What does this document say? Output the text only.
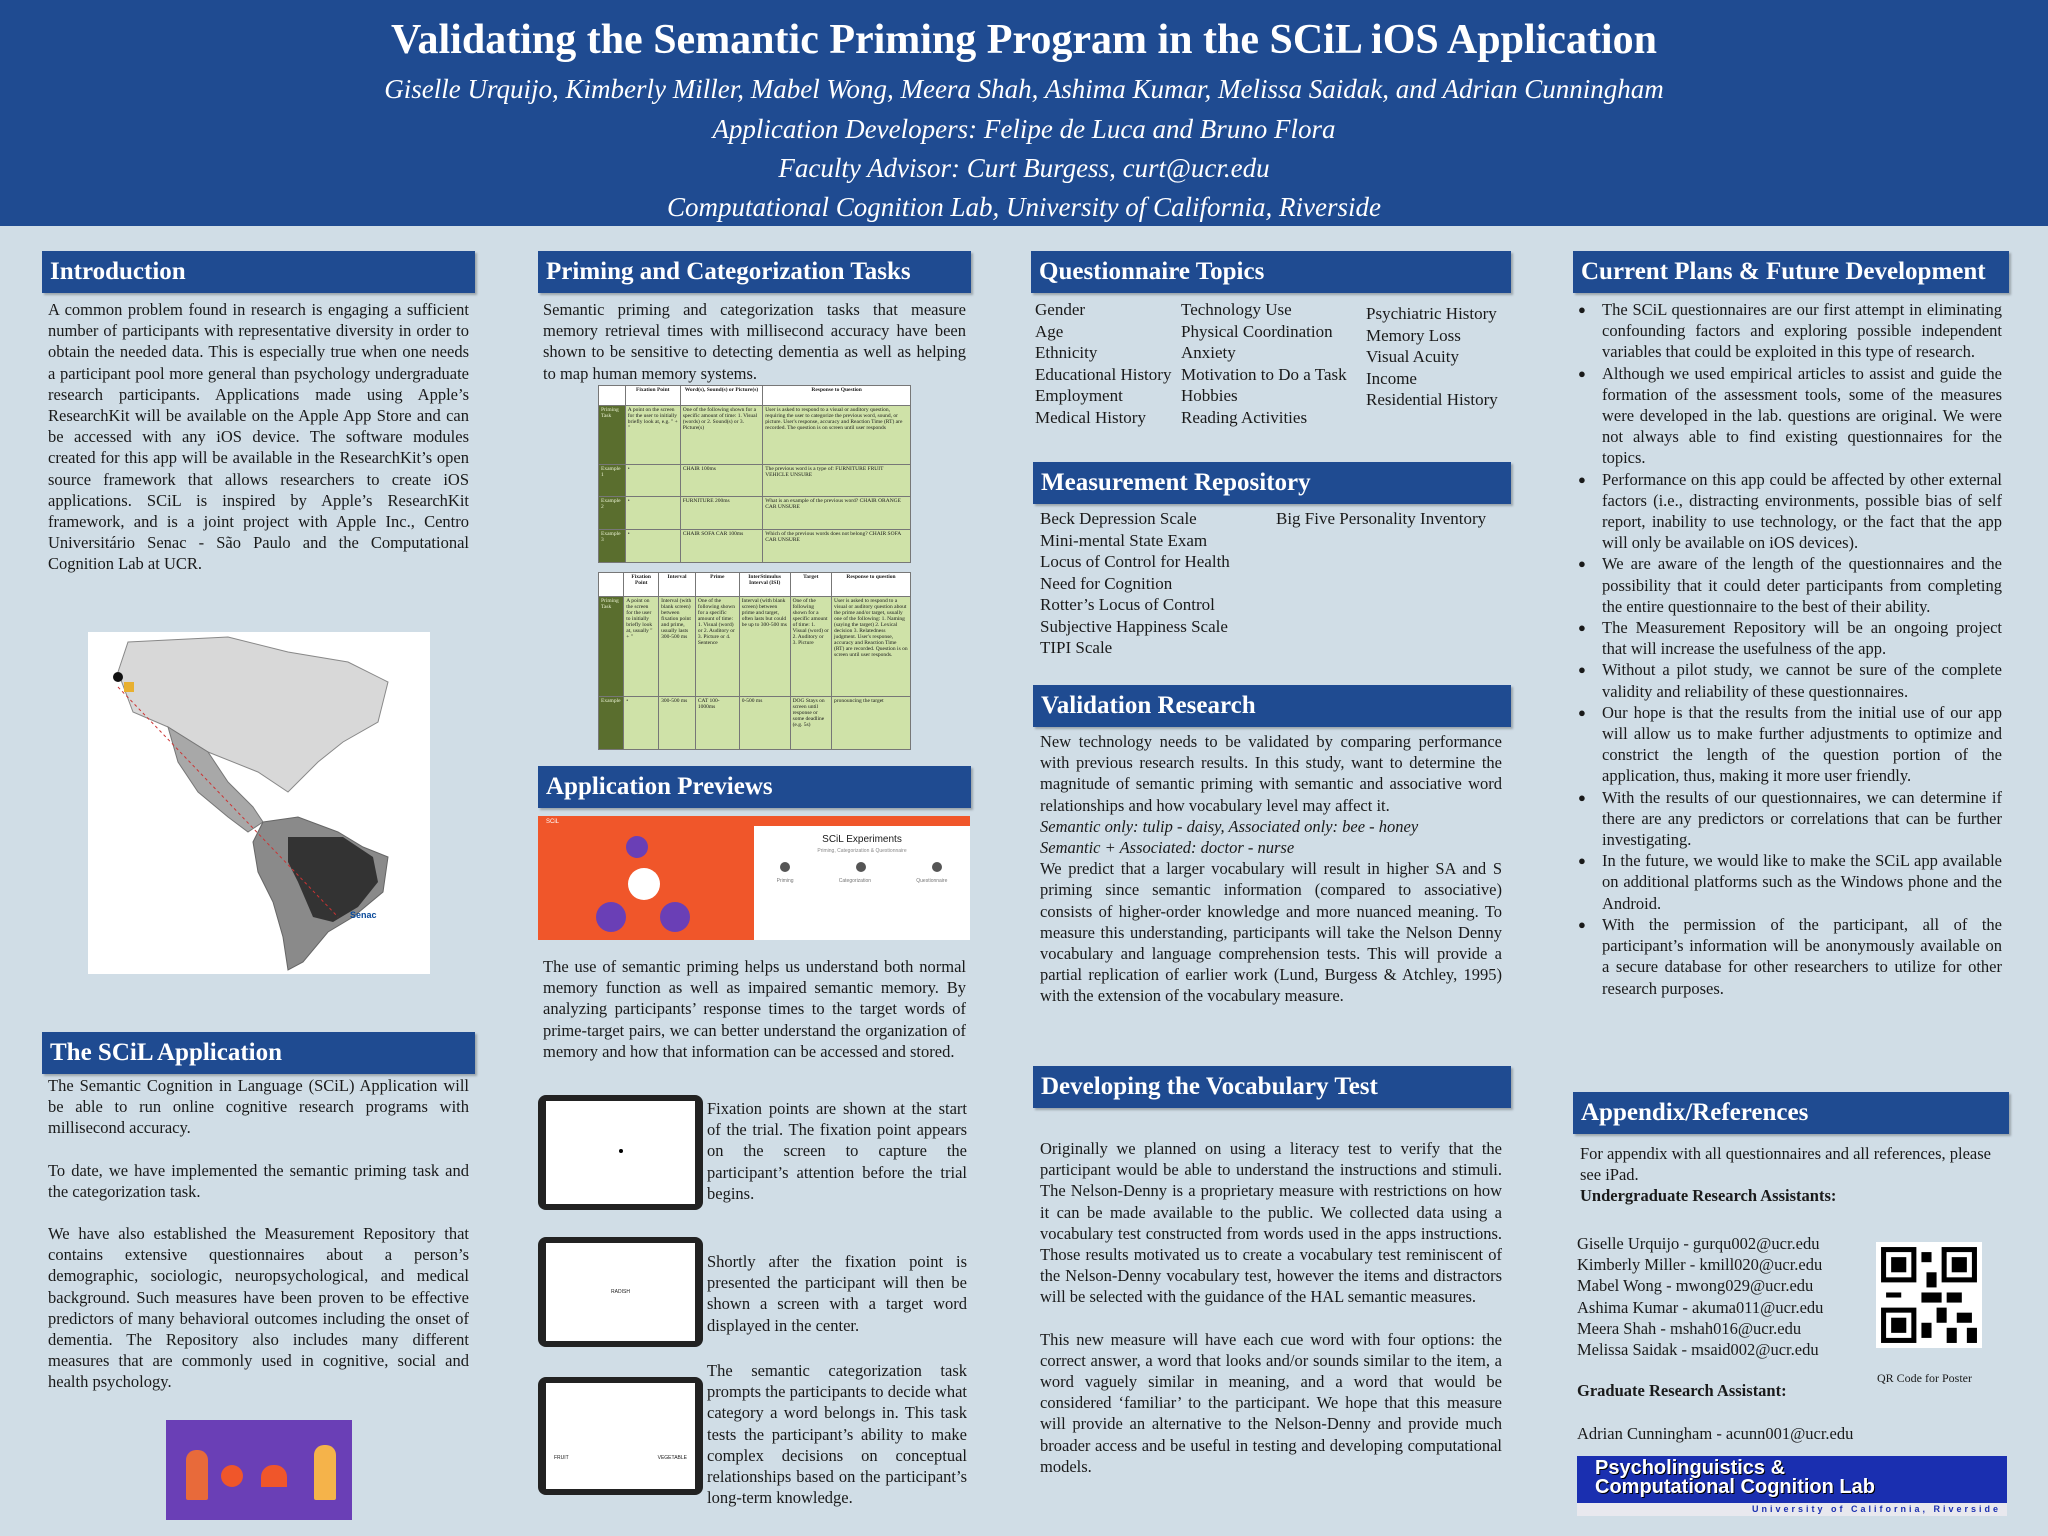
Validating the Semantic Priming Program in the SCiL iOS Application
Giselle Urquijo, Kimberly Miller, Mabel Wong, Meera Shah, Ashima Kumar, Melissa Saidak, and Adrian Cunningham
Application Developers: Felipe de Luca and Bruno Flora
Faculty Advisor: Curt Burgess, curt@ucr.edu
Computational Cognition Lab, University of California, Riverside
Introduction
A common problem found in research is engaging a sufficient number of participants with representative diversity in order to obtain the needed data. This is especially true when one needs a participant pool more general than psychology undergraduate research participants. Applications made using Apple’s ResearchKit will be available on the Apple App Store and can be accessed with any iOS device. The software modules created for this app will be available in the ResearchKit’s open source framework that allows researchers to create iOS applications. SCiL is inspired by Apple’s ResearchKit framework, and is a joint project with Apple Inc., Centro Universitário Senac - São Paulo and the Computational Cognition Lab at UCR.
Senac
The SCiL Application

The Semantic Cognition in Language (SCiL) Application will be able to run online cognitive research programs with millisecond accuracy.

To date, we have implemented the semantic priming task and the categorization task.

We have also established the Measurement Repository that contains extensive questionnaires about a person’s demographic, sociologic, neuropsychological, and medical background. Such measures have been proven to be effective predictors of many behavioral outcomes including the onset of dementia. The Repository also includes many different measures that are commonly used in cognitive, social and health psychology.

Priming and Categorization Tasks
Semantic priming and categorization tasks that measure memory retrieval times with millisecond accuracy have been shown to be sensitive to detecting dementia as well as helping to map human memory systems.
	Fixation Point	Word(s), Sound(s) or Picture(s)	Response to Question
Priming Task	A point on the screen for the user to initially briefly look at, e.g. " + "	One of the following shown for a specific amount of time: 1. Visual (words) or 2. Sound(s) or 3. Picture(s)	User is asked to respond to a visual or auditory question, requiring the user to categorize the previous word, sound, or picture. User's response, accuracy and Reaction Time (RT) are recorded. The question is on screen until user responds
Example 1	•	CHAIR 100ms	The previous word is a type of: FURNITURE FRUIT VEHICLE UNSURE
Example 2	•	FURNITURE 200ms	What is an example of the previous word? CHAIR ORANGE CAR UNSURE
Example 3	•	CHAIR SOFA CAR 100ms	Which of the previous words does not belong? CHAIR SOFA CAR UNSURE
	Fixation Point	Interval	Prime	InterStimulus Interval (ISI)	Target	Response to question
Priming Task	A point on the screen for the user to initially briefly look at, usually " + "	Interval (with blank screen) between fixation point and prime, usually lasts 300-500 ms	One of the following shown for a specific amount of time: 1. Visual (word) or 2. Auditory or 3. Picture or 4. Sentence	Interval (with blank screen) between prime and target, often lasts but could be up to 300-500 ms	One of the following shown for a specific amount of time: 1. Visual (word) or 2. Auditory or 3. Picture	User is asked to respond to a visual or auditory question about the prime and/or target, usually one of the following: 1. Naming (saying the target) 2. Lexical decision 3. Relatedness judgment. User's response, accuracy and Reaction Time (RT) are recorded. Question is on screen until user responds.
Example	•	300-500 ms	CAT 100-1000ms	0-500 ms	DOG Stays on screen until response or some deadline (e.g. 5s)	pronouncing the target
Application Previews
SCiL
SCiL Experiments
Priming, Categorization & Questionnaire
Priming	Categorization	Questionnaire
The use of semantic priming helps us understand both normal memory function as well as impaired semantic memory. By analyzing participants’ response times to the target words of prime-target pairs, we can better understand the organization of memory and how that information can be accessed and stored.
Fixation points are shown at the start of the trial. The fixation point appears on the screen to capture the participant’s attention before the trial begins.
RADISH
Shortly after the fixation point is presented the participant will then be shown a screen with a target word displayed in the center.
FRUIT	VEGETABLE
The semantic categorization task prompts the participants to decide what category a word belongs in. This task tests the participant’s ability to make complex decisions on conceptual relationships based on the participant’s long-term knowledge.
Questionnaire Topics
Gender
Age
Ethnicity
Educational History
Employment
Medical History
Technology Use
Physical Coordination
Anxiety
Motivation to Do a Task
Hobbies
Reading Activities
Psychiatric History
Memory Loss
Visual Acuity
Income
Residential History
Measurement Repository
Beck Depression Scale
Mini-mental State Exam
Locus of Control for Health
Need for Cognition
Rotter’s Locus of Control
Subjective Happiness Scale
TIPI Scale
Big Five Personality Inventory
Validation Research
New technology needs to be validated by comparing performance with previous research results. In this study, want to determine the magnitude of semantic priming with semantic and associative word relationships and how vocabulary level may affect it.
Semantic only: tulip - daisy, Associated only: bee - honey
Semantic + Associated: doctor - nurse
We predict that a larger vocabulary will result in higher SA and S priming since semantic information (compared to associative) consists of higher-order knowledge and more nuanced meaning. To measure this understanding, participants will take the Nelson Denny vocabulary and language comprehension tests. This will provide a partial replication of earlier work (Lund, Burgess & Atchley, 1995) with the extension of the vocabulary measure.
Developing the Vocabulary Test

Originally we planned on using a literacy test to verify that the participant would be able to understand the instructions and stimuli. The Nelson-Denny is a proprietary measure with restrictions on how it can be made available to the public. We collected data using a vocabulary test constructed from words used in the apps instructions. Those results motivated us to create a vocabulary test reminiscent of the Nelson-Denny vocabulary test, however the items and distractors will be selected with the guidance of the HAL semantic measures.

This new measure will have each cue word with four options: the correct answer, a word that looks and/or sounds similar to the item, a word vaguely similar in meaning, and a word that would be considered ‘familiar’ to the participant. We hope that this measure will provide an alternative to the Nelson-Denny and provide much broader access and be useful in testing and developing computational models.

Current Plans & Future Development
● The SCiL questionnaires are our first attempt in eliminating confounding factors and exploring possible independent variables that could be exploited in this type of research.
● Although we used empirical articles to assist and guide the formation of the assessment tools, some of the measures were developed in the lab. questions are original. We were not always able to find existing questionnaires for the topics.
● Performance on this app could be affected by other external factors (i.e., distracting environments, possible bias of self report, inability to use technology, or the fact that the app will only be available on iOS devices).
● We are aware of the length of the questionnaires and the possibility that it could deter participants from completing the entire questionnaire to the best of their ability.
● The Measurement Repository will be an ongoing project that will increase the usefulness of the app.
● Without a pilot study, we cannot be sure of the complete validity and reliability of these questionnaires.
● Our hope is that the results from the initial use of our app will allow us to make further adjustments to optimize and constrict the length of the question portion of the application, thus, making it more user friendly.
● With the results of our questionnaires, we can determine if there are any predictors or correlations that can be further investigating.
● In the future, we would like to make the SCiL app available on additional platforms such as the Windows phone and the Android.
● With the permission of the participant, all of the participant’s information will be anonymously available on a secure database for other researchers to utilize for other research purposes.
Appendix/References
For appendix with all questionnaires and all references, please see iPad.
Undergraduate Research Assistants:
Giselle Urquijo - gurqu002@ucr.edu
Kimberly Miller - kmill020@ucr.edu
Mabel Wong - mwong029@ucr.edu
Ashima Kumar - akuma011@ucr.edu
Meera Shah - mshah016@ucr.edu
Melissa Saidak - msaid002@ucr.edu
Graduate Research Assistant:
Adrian Cunningham - acunn001@ucr.edu
QR Code for Poster
Psycholinguistics &
Computational Cognition Lab
University of California, Riverside
